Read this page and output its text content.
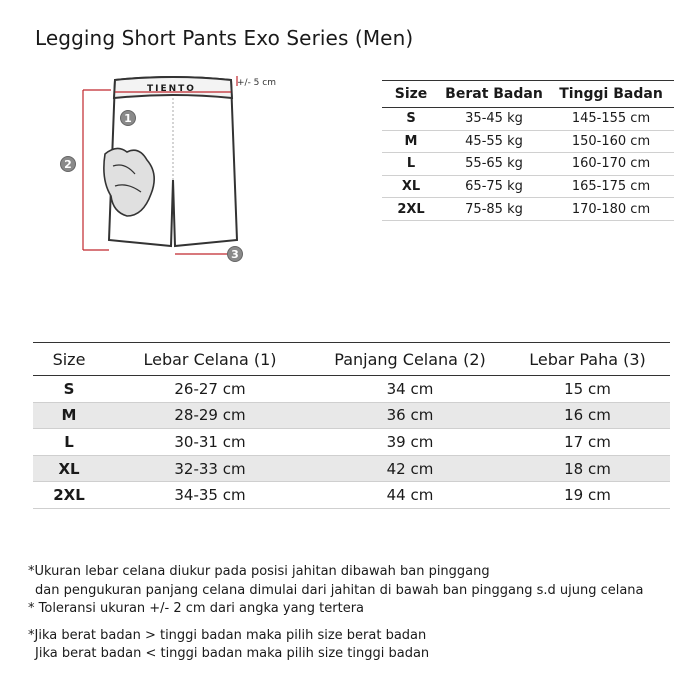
Legging Short Pants Exo Series (Men)
+/- 5 cm
TIENTO
1
2
3
Size	Berat Badan	Tinggi Badan
S	35-45 kg	145-155 cm
M	45-55 kg	150-160 cm
L	55-65 kg	160-170 cm
XL	65-75 kg	165-175 cm
2XL	75-85 kg	170-180 cm
Size	Lebar Celana (1)	Panjang Celana (2)	Lebar Paha (3)
S	26-27 cm	34 cm	15 cm
M	28-29 cm	36 cm	16 cm
L	30-31 cm	39 cm	17 cm
XL	32-33 cm	42 cm	18 cm
2XL	34-35 cm	44 cm	19 cm

*Ukuran lebar celana diukur pada posisi jahitan dibawah ban pinggang

dan pengukuran panjang celana dimulai dari jahitan di bawah ban pinggang s.d ujung celana

* Toleransi ukuran +/- 2 cm dari angka yang tertera

*Jika berat badan > tinggi badan maka pilih size berat badan

Jika berat badan < tinggi badan maka pilih size tinggi badan
